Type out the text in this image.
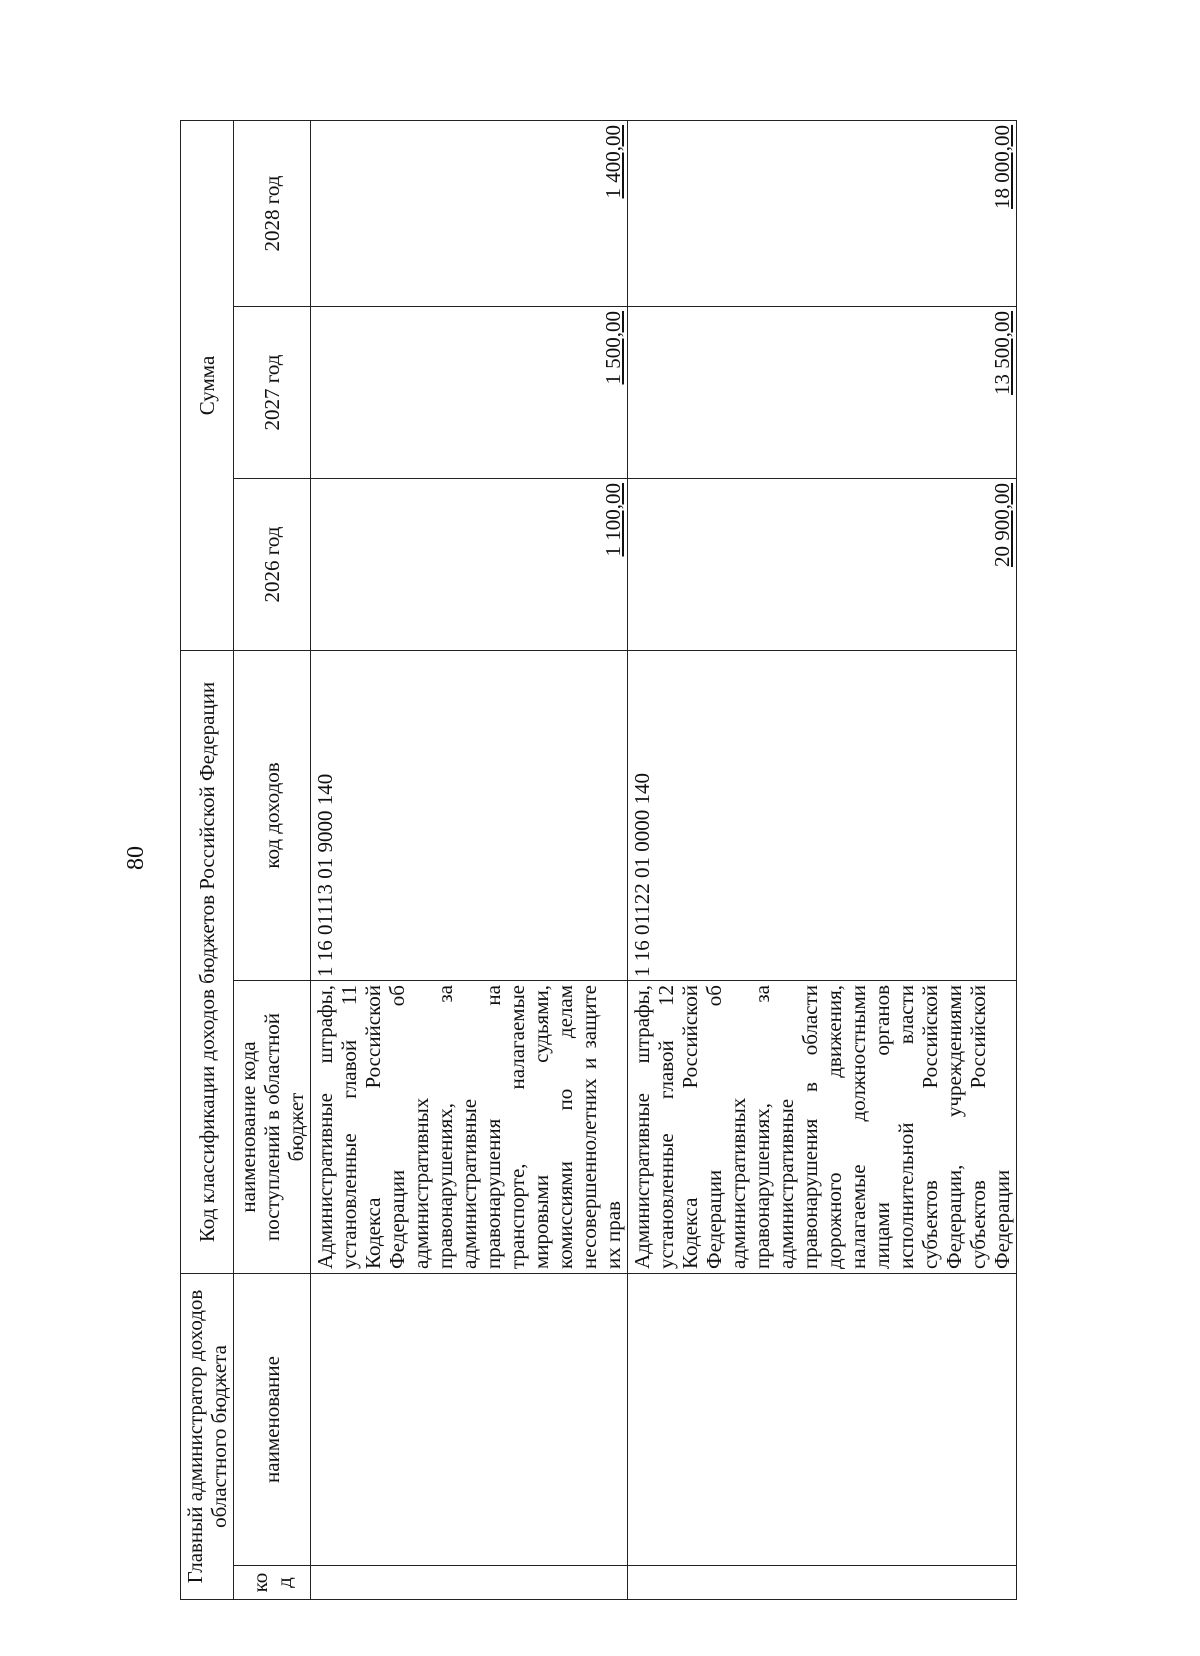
80
Главный администратор доходов областного бюджета		Код классификации доходов бюджетов Российской Федерации		Сумма		
код	наименование	наименование кода поступлений в областной бюджет	код доходов	2026 год	2027 год	2028 год
		Административные штрафы, установленные главой 11 Кодекса Российской Федерации об административных правонарушениях, за административные правонарушения на транспорте, налагаемые мировыми судьями, комиссиями по делам несовершеннолетних и защите их прав	1 16 01113 01 9000 140	1 100,00	1 500,00	1 400,00
		Административные штрафы, установленные главой 12 Кодекса Российской Федерации об административных правонарушениях, за административные правонарушения в области дорожного движения, налагаемые должностными лицами органов исполнительной власти субъектов Российской Федерации, учреждениями субъектов Российской Федерации	1 16 01122 01 0000 140	20 900,00	13 500,00	18 000,00
